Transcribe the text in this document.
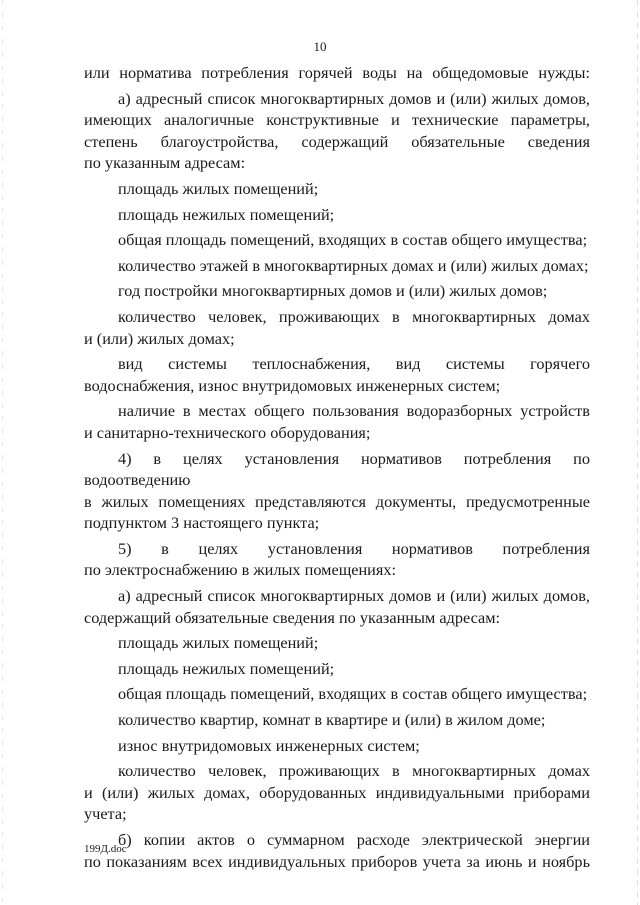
10
или норматива потребления горячей воды на общедомовые нужды:
а) адресный список многоквартирных домов и (или) жилых домов,
имеющих аналогичные конструктивные и технические параметры,
степень благоустройства, содержащий обязательные сведения
по указанным адресам:
площадь жилых помещений;
площадь нежилых помещений;
общая площадь помещений, входящих в состав общего имущества;
количество этажей в многоквартирных домах и (или) жилых домах;
год постройки многоквартирных домов и (или) жилых домов;
количество человек, проживающих в многоквартирных домах
и (или) жилых домах;
вид системы теплоснабжения, вид системы горячего
водоснабжения, износ внутридомовых инженерных систем;
наличие в местах общего пользования водоразборных устройств
и санитарно-технического оборудования;
4) в целях установления нормативов потребления по водоотведению
в жилых помещениях представляются документы, предусмотренные
подпунктом 3 настоящего пункта;
5) в целях установления нормативов потребления
по электроснабжению в жилых помещениях:
а) адресный список многоквартирных домов и (или) жилых домов,
содержащий обязательные сведения по указанным адресам:
площадь жилых помещений;
площадь нежилых помещений;
общая площадь помещений, входящих в состав общего имущества;
количество квартир, комнат в квартире и (или) в жилом доме;
износ внутридомовых инженерных систем;
количество человек, проживающих в многоквартирных домах
и (или) жилых домах, оборудованных индивидуальными приборами
учета;
б) копии актов о суммарном расходе электрической энергии
по показаниям всех индивидуальных приборов учета за июнь и ноябрь
199Д.doc
